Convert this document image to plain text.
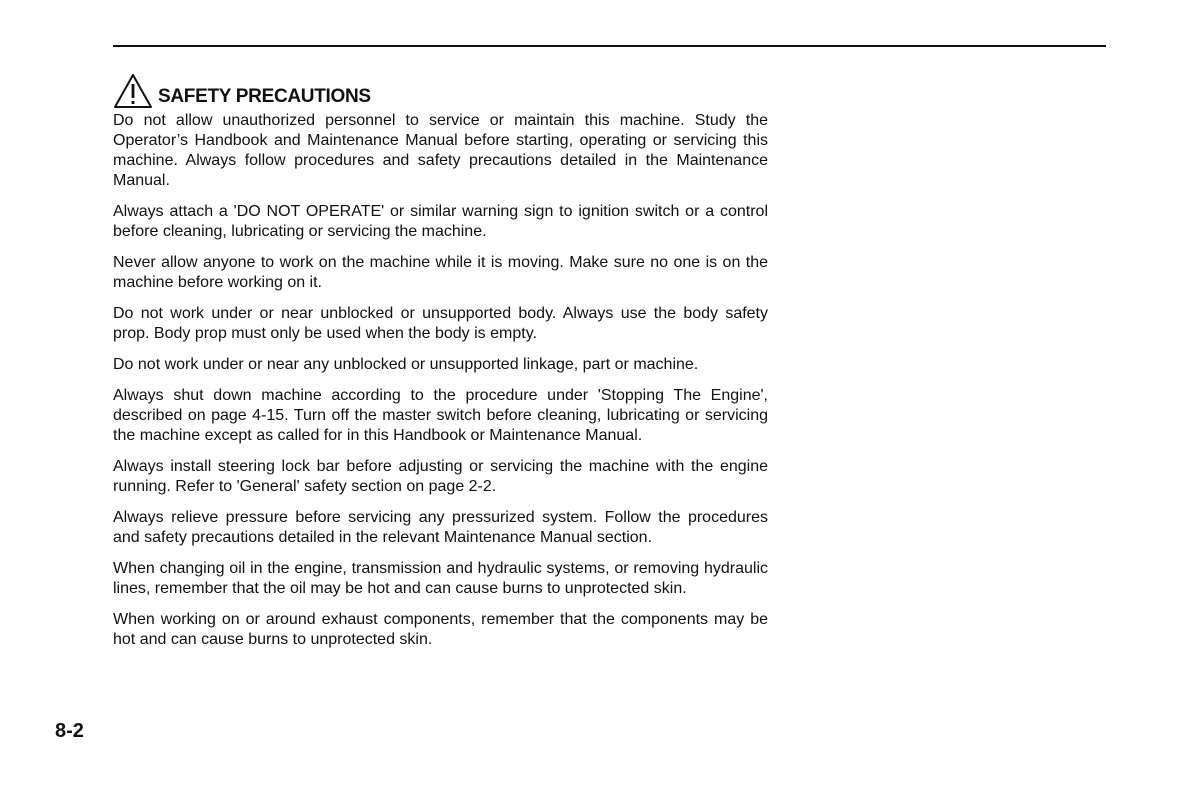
SAFETY PRECAUTIONS

Do not allow unauthorized personnel to service or maintain this machine. Study the Operator’s Handbook and Maintenance Manual before starting, operating or servicing this machine. Always follow procedures and safety precautions detailed in the Maintenance Manual.

Always attach a 'DO NOT OPERATE' or similar warning sign to ignition switch or a control before cleaning, lubricating or servicing the machine.

Never allow anyone to work on the machine while it is moving. Make sure no one is on the machine before working on it.

Do not work under or near unblocked or unsupported body. Always use the body safety prop. Body prop must only be used when the body is empty.

Do not work under or near any unblocked or unsupported linkage, part or machine.

Always shut down machine according to the procedure under 'Stopping The Engine', described on page 4-15. Turn off the master switch before cleaning, lubricating or servicing the machine except as called for in this Handbook or Maintenance Manual.

Always install steering lock bar before adjusting or servicing the machine with the engine running. Refer to 'General' safety section on page 2-2.

Always relieve pressure before servicing any pressurized system. Follow the procedures and safety precautions detailed in the relevant Maintenance Manual section.

When changing oil in the engine, transmission and hydraulic systems, or removing hydraulic lines, remember that the oil may be hot and can cause burns to unprotected skin.

When working on or around exhaust components, remember that the components may be hot and can cause burns to unprotected skin.

8-2
